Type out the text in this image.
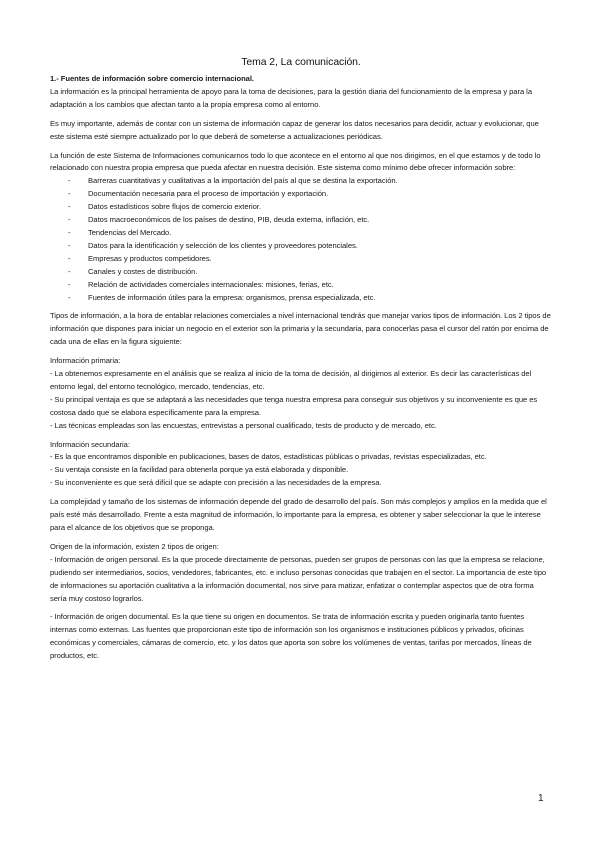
Tema 2, La comunicación.
1.- Fuentes de información sobre comercio internacional.

La información es la principal herramienta de apoyo para la toma de decisiones, para la gestión diaria del funcionamiento de la empresa y para la adaptación a los cambios que afectan tanto a la propia empresa como al entorno.

Es muy importante, además de contar con un sistema de información capaz de generar los datos necesarios para decidir, actuar y evolucionar, que este sistema esté siempre actualizado por lo que deberá de someterse a actualizaciones periódicas.

La función de este Sistema de Informaciones comunicarnos todo lo que acontece en el entorno al que nos dirigimos, en el que estamos y de todo lo relacionado con nuestra propia empresa que pueda afectar en nuestra decisión. Este sistema como mínimo debe ofrecer información sobre:

- Barreras cuantitativas y cualitativas a la importación del país al que se destina la exportación.
- Documentación necesaria para el proceso de importación y exportación.
- Datos estadísticos sobre flujos de comercio exterior.
- Datos macroeconómicos de los países de destino, PIB, deuda externa, inflación, etc.
- Tendencias del Mercado.
- Datos para la identificación y selección de los clientes y proveedores potenciales.
- Empresas y productos competidores.
- Canales y costes de distribución.
- Relación de actividades comerciales internacionales: misiones, ferias, etc.
- Fuentes de información útiles para la empresa: organismos, prensa especializada, etc.

Tipos de información, a la hora de entablar relaciones comerciales a nivel internacional tendrás que manejar varios tipos de información. Los 2 tipos de información que dispones para iniciar un negocio en el exterior son la primaria y la secundaria, para conocerlas pasa el cursor del ratón por encima de cada una de ellas en la figura siguiente:

Información primaria:
- La obtenemos expresamente en el análisis que se realiza al inicio de la toma de decisión, al dirigirnos al exterior. Es decir las características del entorno legal, del entorno tecnológico, mercado, tendencias, etc.
- Su principal ventaja es que se adaptará a las necesidades que tenga nuestra empresa para conseguir sus objetivos y su inconveniente es que es costosa dado que se elabora específicamente para la empresa.

- Las técnicas empleadas son las encuestas, entrevistas a personal cualificado, tests de producto y de mercado, etc.

Información secundaria:
- Es la que encontramos disponible en publicaciones, bases de datos, estadísticas públicas o privadas, revistas especializadas, etc.
- Su ventaja consiste en la facilidad para obtenerla porque ya está elaborada y disponible.

- Su inconveniente es que será difícil que se adapte con precisión a las necesidades de la empresa.

La complejidad y tamaño de los sistemas de información depende del grado de desarrollo del país. Son más complejos y amplios en la medida que el país esté más desarrollado. Frente a esta magnitud de información, lo importante para la empresa, es obtener y saber seleccionar la que le interese para el alcance de los objetivos que se proponga.

Origen de la información, existen 2 tipos de origen:

- Información de origen personal. Es la que procede directamente de personas, pueden ser grupos de personas con las que la empresa se relacione, pudiendo ser intermediarios, socios, vendedores, fabricantes, etc. e incluso personas conocidas que trabajen en el sector. La importancia de este tipo de informaciones su aportación cualitativa a la información documental, nos sirve para matizar, enfatizar o contemplar aspectos que de otra forma sería muy costoso lograrlos.

- Información de origen documental. Es la que tiene su origen en documentos. Se trata de información escrita y pueden originarla tanto fuentes internas como externas. Las fuentes que proporcionan este tipo de información son los organismos e instituciones públicos y privados, oficinas económicas y comerciales, cámaras de comercio, etc. y los datos que aporta son sobre los volúmenes de ventas, tarifas por mercados, líneas de productos, etc.

1
